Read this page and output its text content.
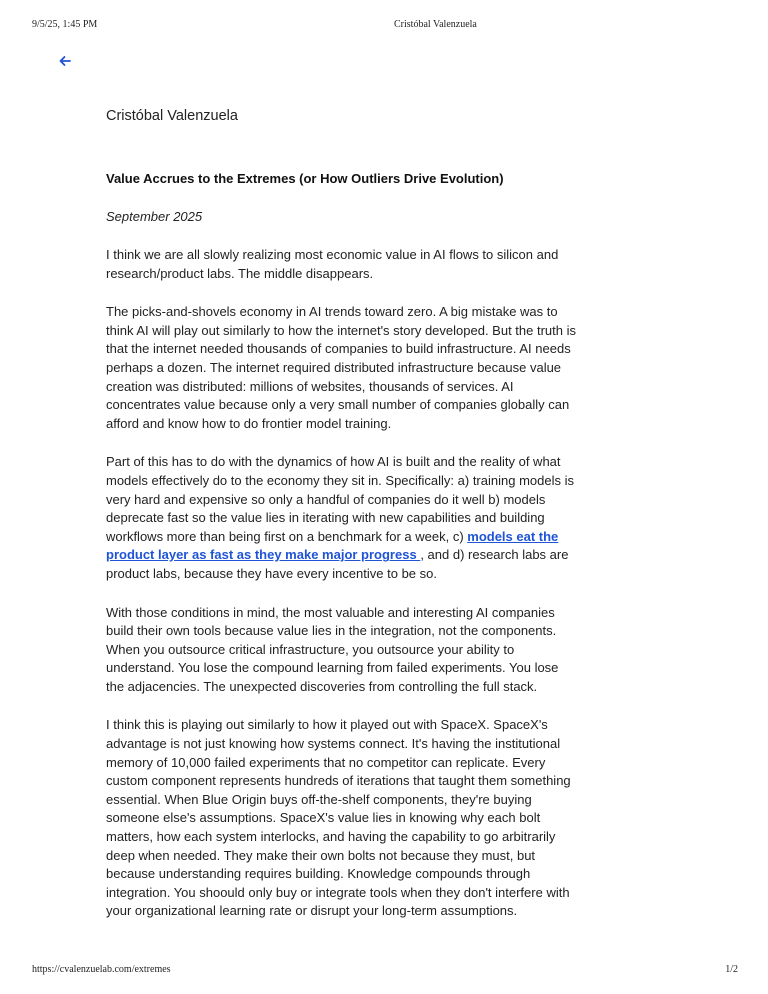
9/5/25, 1:45 PM	Cristóbal Valenzuela

Cristóbal Valenzuela

Value Accrues to the Extremes (or How Outliers Drive Evolution)

September 2025

I think we are all slowly realizing most economic value in AI flows to silicon and research/product labs. The middle disappears.

The picks-and-shovels economy in AI trends toward zero. A big mistake was to think AI will play out similarly to how the internet's story developed. But the truth is that the internet needed thousands of companies to build infrastructure. AI needs perhaps a dozen. The internet required distributed infrastructure because value creation was distributed: millions of websites, thousands of services. AI concentrates value because only a very small number of companies globally can afford and know how to do frontier model training.

Part of this has to do with the dynamics of how AI is built and the reality of what models effectively do to the economy they sit in. Specifically: a) training models is very hard and expensive so only a handful of companies do it well b) models deprecate fast so the value lies in iterating with new capabilities and building workflows more than being first on a benchmark for a week, c) models eat the product layer as fast as they make major progress , and d) research labs are product labs, because they have every incentive to be so.

With those conditions in mind, the most valuable and interesting AI companies build their own tools because value lies in the integration, not the components. When you outsource critical infrastructure, you outsource your ability to understand. You lose the compound learning from failed experiments. You lose the adjacencies. The unexpected discoveries from controlling the full stack.

I think this is playing out similarly to how it played out with SpaceX. SpaceX's advantage is not just knowing how systems connect. It's having the institutional memory of 10,000 failed experiments that no competitor can replicate. Every custom component represents hundreds of iterations that taught them something essential. When Blue Origin buys off-the-shelf components, they're buying someone else's assumptions. SpaceX's value lies in knowing why each bolt matters, how each system interlocks, and having the capability to go arbitrarily deep when needed. They make their own bolts not because they must, but because understanding requires building. Knowledge compounds through integration. You shoould only buy or integrate tools when they don't interfere with your organizational learning rate or disrupt your long-term assumptions.

https://cvalenzuelab.com/extremes	1/2
